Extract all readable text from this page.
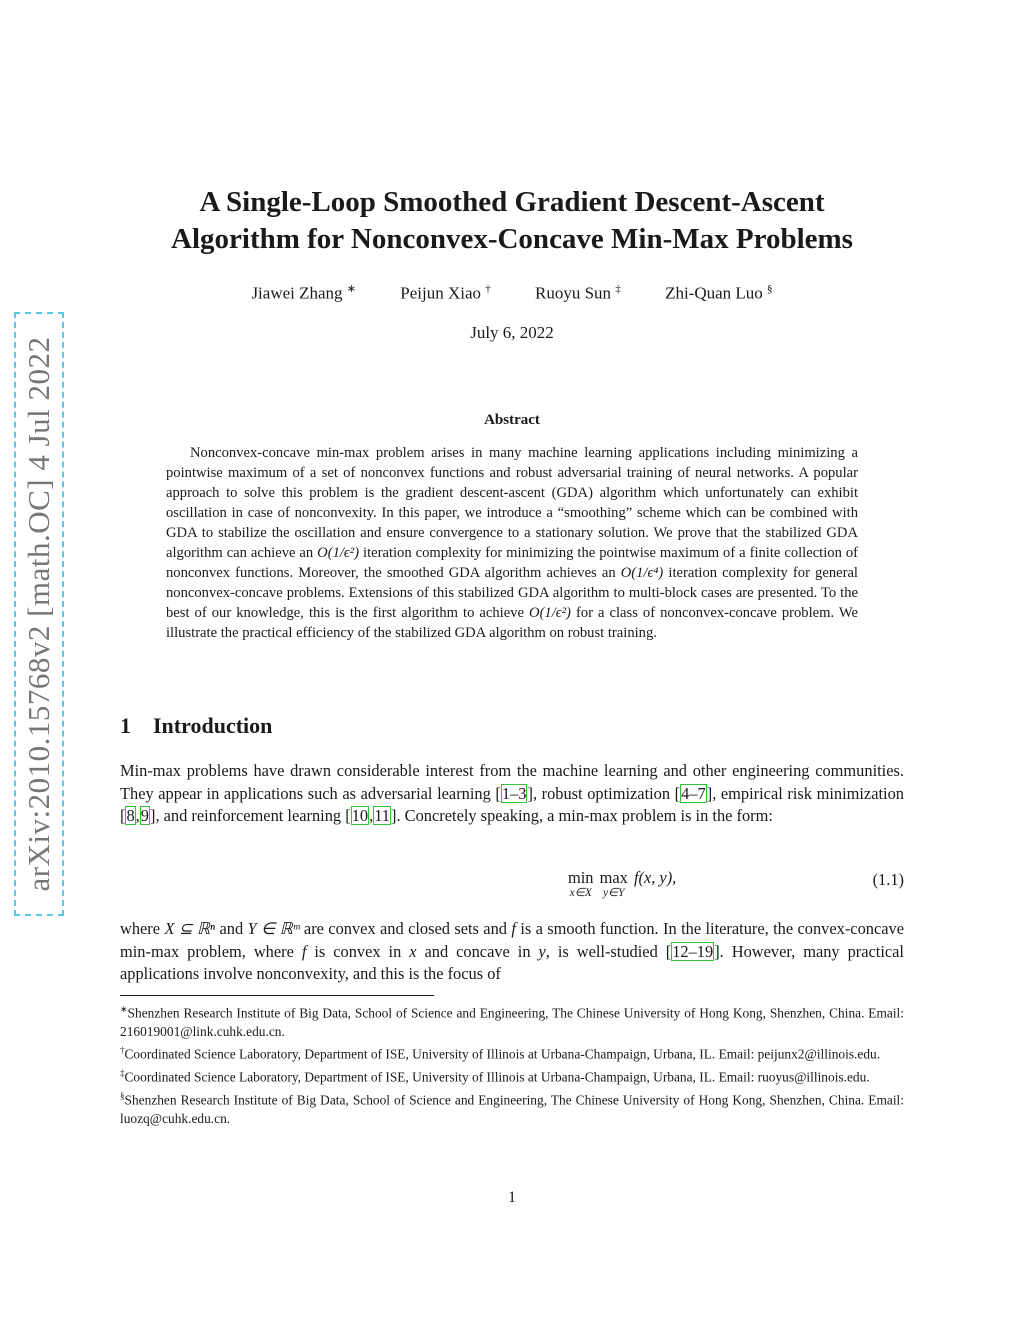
arXiv:2010.15768v2 [math.OC] 4 Jul 2022
A Single-Loop Smoothed Gradient Descent-Ascent
Algorithm for Nonconvex-Concave Min-Max Problems
Jiawei Zhang ∗	Peijun Xiao †	Ruoyu Sun ‡	Zhi-Quan Luo §
July 6, 2022
Abstract

Nonconvex-concave min-max problem arises in many machine learning applications including minimizing a pointwise maximum of a set of nonconvex functions and robust adversarial training of neural networks. A popular approach to solve this problem is the gradient descent-ascent (GDA) algorithm which unfortunately can exhibit oscillation in case of nonconvexity. In this paper, we introduce a “smoothing” scheme which can be combined with GDA to stabilize the oscillation and ensure convergence to a stationary solution. We prove that the stabilized GDA algorithm can achieve an O(1/ϵ²) iteration complexity for minimizing the pointwise maximum of a finite collection of nonconvex functions. Moreover, the smoothed GDA algorithm achieves an O(1/ϵ⁴) iteration complexity for general nonconvex-concave problems. Extensions of this stabilized GDA algorithm to multi-block cases are presented. To the best of our knowledge, this is the first algorithm to achieve O(1/ϵ²) for a class of nonconvex-concave problem. We illustrate the practical efficiency of the stabilized GDA algorithm on robust training.

1 Introduction

Min-max problems have drawn considerable interest from the machine learning and other engineering communities. They appear in applications such as adversarial learning [1–3], robust optimization [4–7], empirical risk minimization [8,9], and reinforcement learning [10,11]. Concretely speaking, a min-max problem is in the form:

min
x∈X
max
y∈Y
f(x, y),	(1.1)

where X ⊆ ℝⁿ and Y ∈ ℝᵐ are convex and closed sets and f is a smooth function. In the literature, the convex-concave min-max problem, where f is convex in x and concave in y, is well-studied [12–19]. However, many practical applications involve nonconvexity, and this is the focus of

∗Shenzhen Research Institute of Big Data, School of Science and Engineering, The Chinese University of Hong Kong, Shenzhen, China. Email: 216019001@link.cuhk.edu.cn.

†Coordinated Science Laboratory, Department of ISE, University of Illinois at Urbana-Champaign, Urbana, IL. Email: peijunx2@illinois.edu.

‡Coordinated Science Laboratory, Department of ISE, University of Illinois at Urbana-Champaign, Urbana, IL. Email: ruoyus@illinois.edu.

§Shenzhen Research Institute of Big Data, School of Science and Engineering, The Chinese University of Hong Kong, Shenzhen, China. Email: luozq@cuhk.edu.cn.

1
